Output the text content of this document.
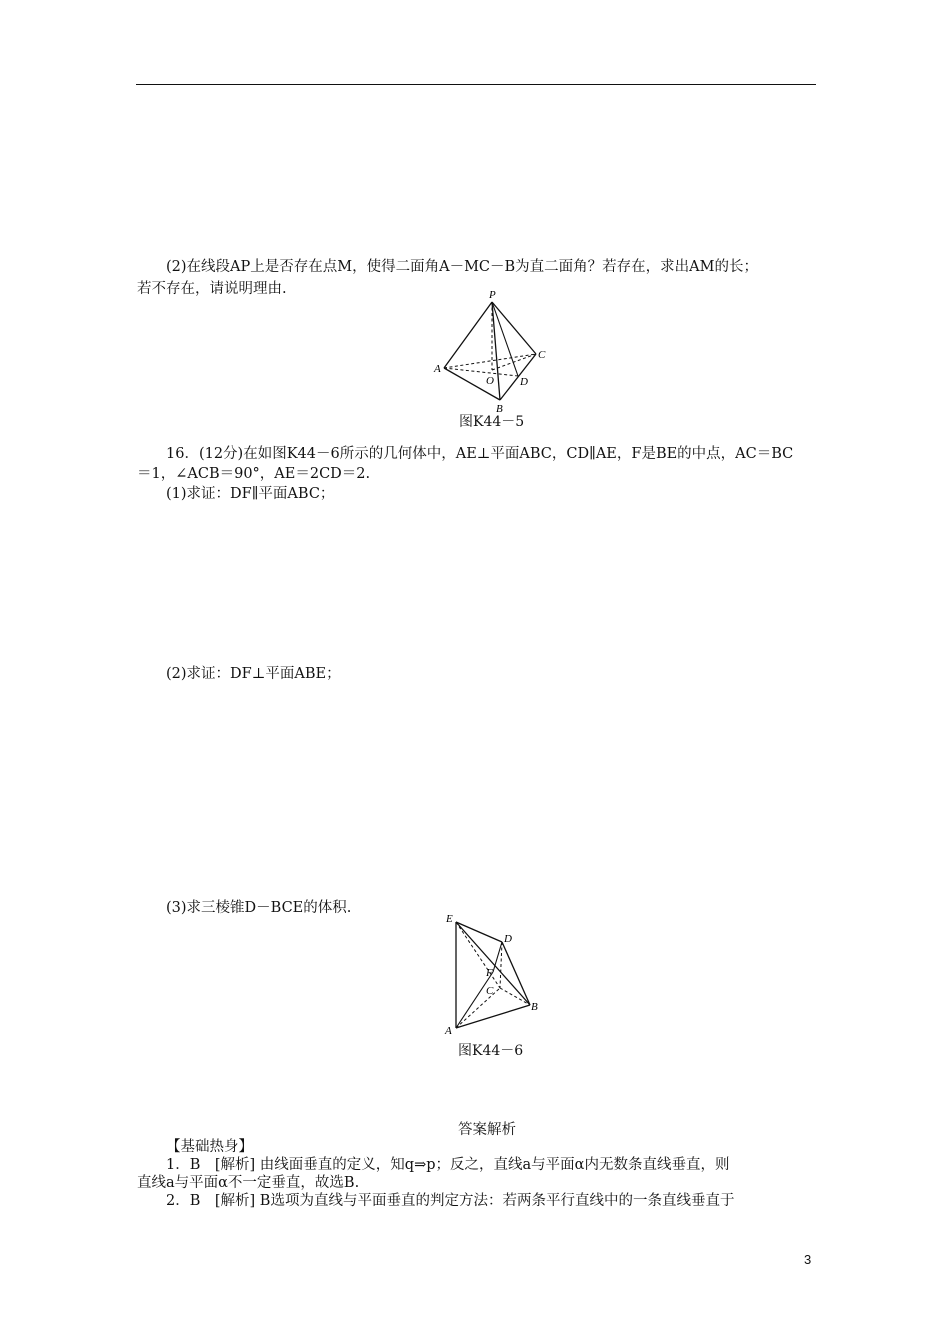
(2)在线段AP上是否存在点M，使得二面角A－MC－B为直二面角？若存在，求出AM的长；
若不存在，请说明理由.	P
A
O D
B
C
图K44－5
16．(12分)在如图K44－6所示的几何体中，AE⊥平面ABC，CD∥AE，F是BE的中点，AC＝BC
＝1，∠ACB＝90°，AE＝2CD＝2.
(1)求证：DF∥平面ABC；
(2)求证：DF⊥平面ABE；
(3)求三棱锥D－BCE的体积.
E
D
F
C
B
A
图K44－6
答案解析
【基础热身】
1．B　[解析] 由线面垂直的定义，知q⇒p；反之，直线a与平面α内无数条直线垂直，则
直线a与平面α不一定垂直，故选B.
2．B　[解析] B选项为直线与平面垂直的判定方法：若两条平行直线中的一条直线垂直于
3
